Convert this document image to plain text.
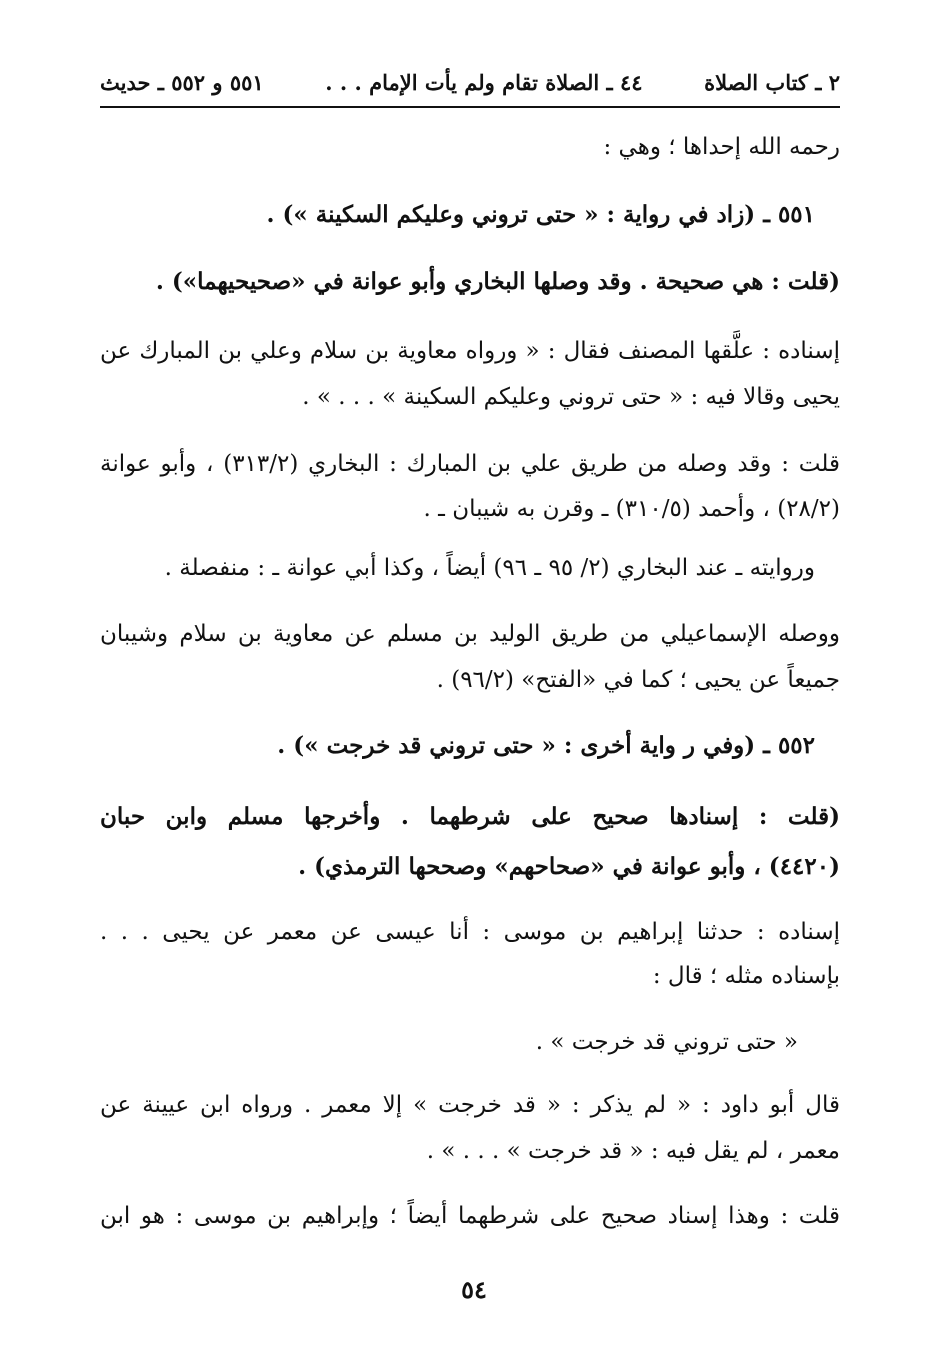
٢ ـ كتاب الصلاة
٤٤ ـ الصلاة تقام ولم يأت الإمام . . .
٥٥١ و ٥٥٢ ـ حديث
رحمه الله إحداها ؛ وهي :
٥٥١ ـ (زاد في رواية : « حتى تروني وعليكم السكينة ») .
(قلت : هي صحيحة . وقد وصلها البخاري وأبو عوانة في «صحيحيهما») .
إسناده : علَّقها المصنف فقال : « ورواه معاوية بن سلام وعلي بن المبارك عن
يحيى وقالا فيه : « حتى تروني وعليكم السكينة » . . . » .
قلت : وقد وصله من طريق علي بن المبارك : البخاري (٣١٣/٢) ، وأبو عوانة
(٢٨/٢) ، وأحمد (٣١٠/٥) ـ وقرن به شيبان ـ .
وروايته ـ عند البخاري (٢/ ٩٥ ـ ٩٦) أيضاً ، وكذا أبي عوانة ـ : منفصلة .
ووصله الإسماعيلي من طريق الوليد بن مسلم عن معاوية بن سلام وشيبان
جميعاً عن يحيى ؛ كما في «الفتح» (٩٦/٢) .
٥٥٢ ـ (وفي ر واية أخرى : « حتى تروني قد خرجت ») .
(قلت : إسنادها صحيح على شرطهما . وأخرجها مسلم وابن حبان
(٤٤٢٠) ، وأبو عوانة في «صحاحهم» وصححها الترمذي) .
إسناده : حدثنا إبراهيم بن موسى : أنا عيسى عن معمر عن يحيى . . .
بإسناده مثله ؛ قال :
« حتى تروني قد خرجت » .
قال أبو داود : « لم يذكر : « قد خرجت » إلا معمر . ورواه ابن عيينة عن
معمر ، لم يقل فيه : « قد خرجت » . . . » .
قلت : وهذا إسناد صحيح على شرطهما أيضاً ؛ وإبراهيم بن موسى : هو ابن
٥٤
